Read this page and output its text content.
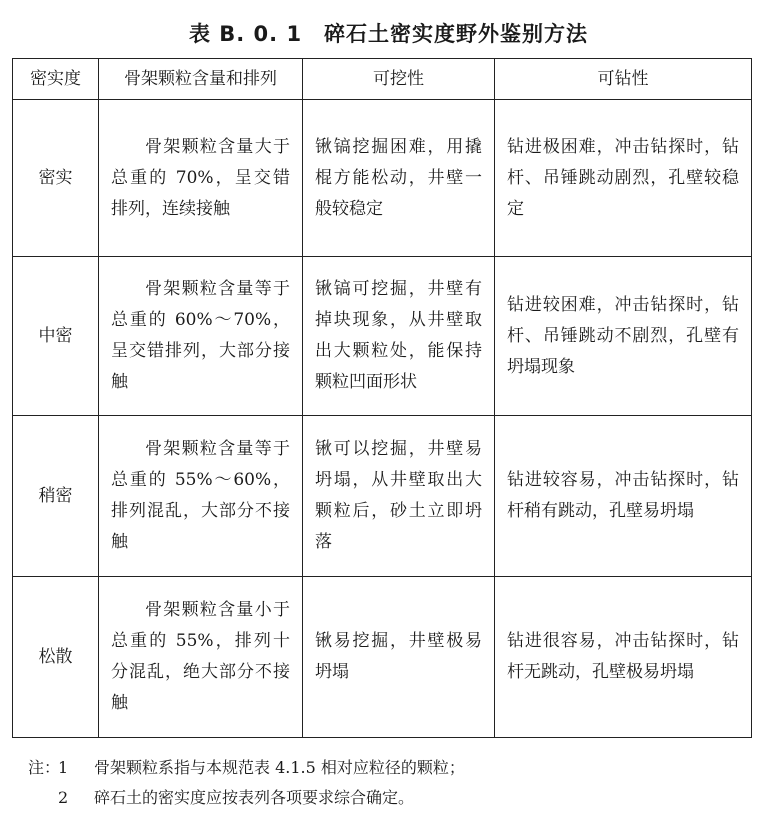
表 B. 0. 1 碎石土密实度野外鉴别方法
密实度	骨架颗粒含量和排列	可挖性	可钻性
密实	骨架颗粒含量大于总重的 70%，呈交错排列，连续接触	锹镐挖掘困难，用撬棍方能松动，井壁一般较稳定	钻进极困难，冲击钻探时，钻杆、吊锤跳动剧烈，孔壁较稳定
中密	骨架颗粒含量等于总重的 60%～70%，呈交错排列，大部分接触	锹镐可挖掘，井壁有掉块现象，从井壁取出大颗粒处，能保持颗粒凹面形状	钻进较困难，冲击钻探时，钻杆、吊锤跳动不剧烈，孔壁有坍塌现象
稍密	骨架颗粒含量等于总重的 55%～60%，排列混乱，大部分不接触	锹可以挖掘，井壁易坍塌，从井壁取出大颗粒后，砂土立即坍落	钻进较容易，冲击钻探时，钻杆稍有跳动，孔壁易坍塌
松散	骨架颗粒含量小于总重的 55%，排列十分混乱，绝大部分不接触	锹易挖掘，井壁极易坍塌	钻进很容易，冲击钻探时，钻杆无跳动，孔壁极易坍塌
注：1 骨架颗粒系指与本规范表 4.1.5 相对应粒径的颗粒；
2 碎石土的密实度应按表列各项要求综合确定。
